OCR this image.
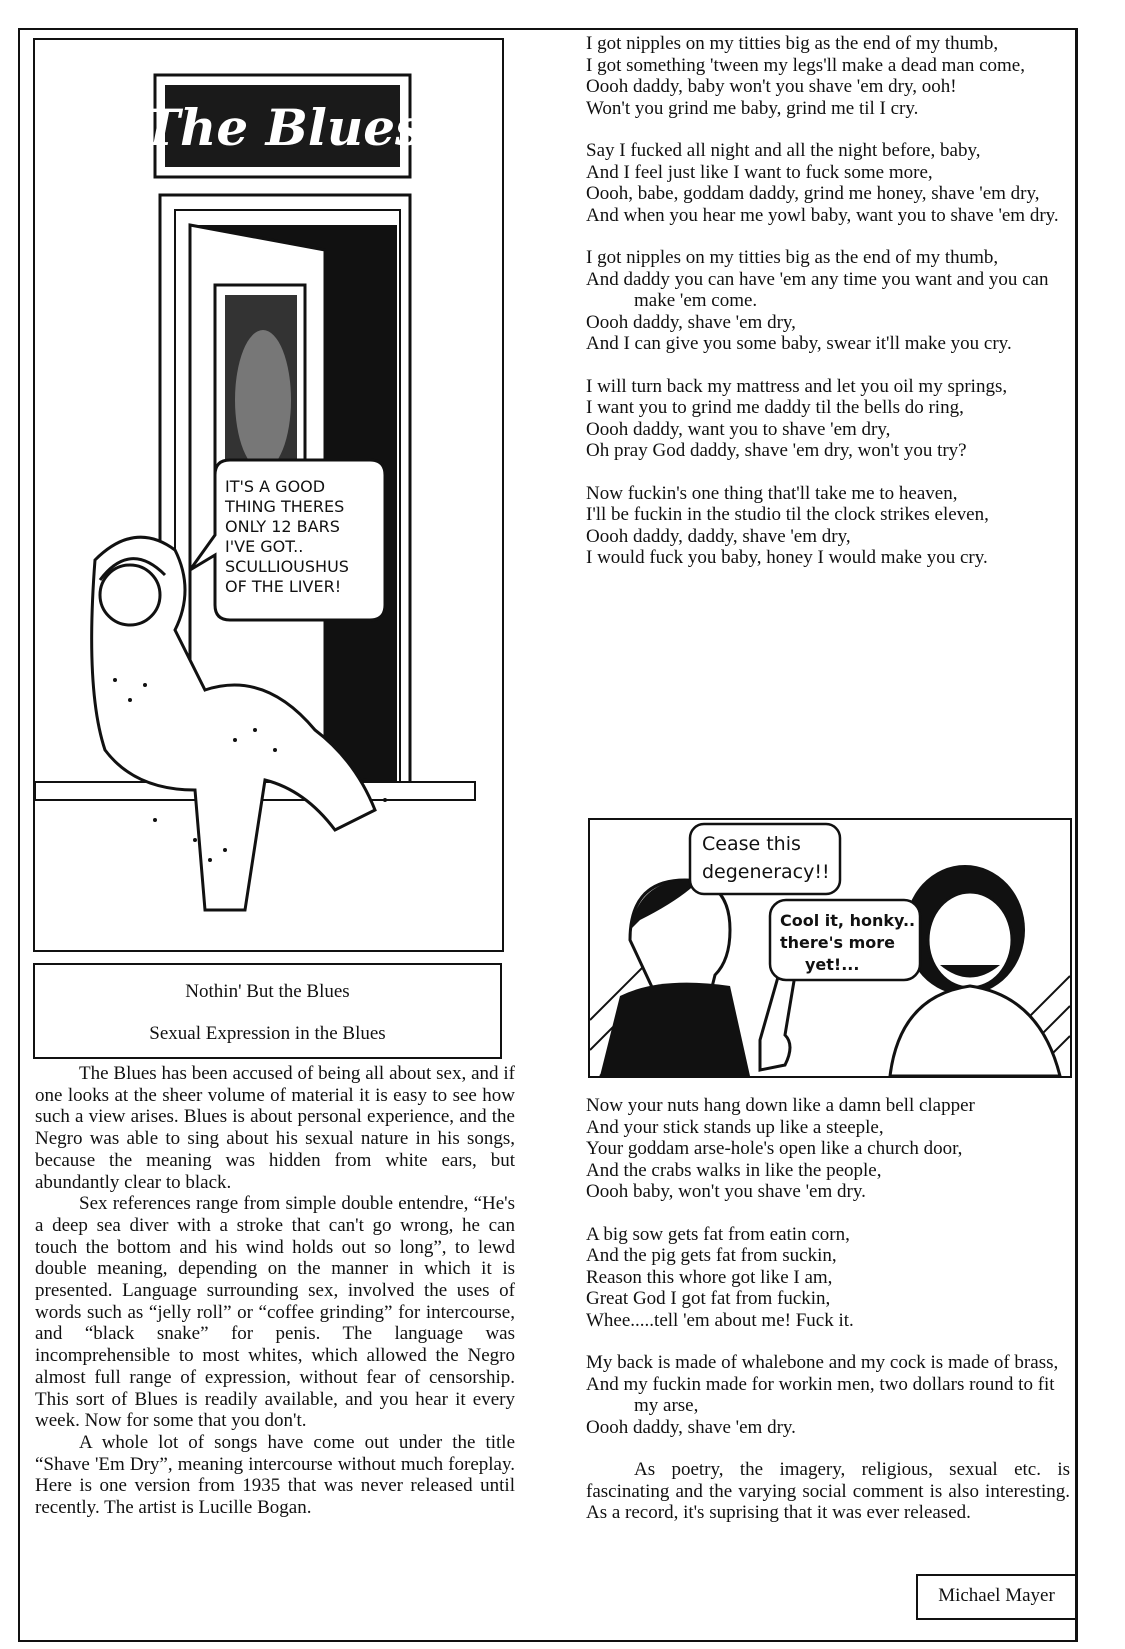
The Blues
IT'S A GOOD
THING THERES
ONLY 12 BARS
I'VE GOT..
SCULLIOUSHUS
OF THE LIVER!
Nothin' But the Blues
Sexual Expression in the Blues

The Blues has been accused of being all about sex, and if one looks at the sheer volume of material it is easy to see how such a view arises. Blues is about personal experience, and the Negro was able to sing about his sexual nature in his songs, because the meaning was hidden from white ears, but abundantly clear to black.

Sex references range from simple double entendre, “He's a deep sea diver with a stroke that can't go wrong, he can touch the bottom and his wind holds out so long”, to lewd double meaning, depending on the manner in which it is presented. Language surrounding sex, involved the uses of words such as “jelly roll” or “coffee grinding” for intercourse, and “black snake” for penis. The language was incomprehensible to most whites, which allowed the Negro almost full range of expression, without fear of censorship. This sort of Blues is readily available, and you hear it every week. Now for some that you don't.

A whole lot of songs have come out under the title “Shave 'Em Dry”, meaning intercourse without much foreplay. Here is one version from 1935 that was never released until recently. The artist is Lucille Bogan.

I got nipples on my titties big as the end of my thumb,
I got something 'tween my legs'll make a dead man come,
Oooh daddy, baby won't you shave 'em dry, ooh!
Won't you grind me baby, grind me til I cry.
Say I fucked all night and all the night before, baby,
And I feel just like I want to fuck some more,
Oooh, babe, goddam daddy, grind me honey, shave 'em dry,
And when you hear me yowl baby, want you to shave 'em dry.
I got nipples on my titties big as the end of my thumb,
And daddy you can have 'em any time you want and you can make 'em come.
Oooh daddy, shave 'em dry,
And I can give you some baby, swear it'll make you cry.
I will turn back my mattress and let you oil my springs,
I want you to grind me daddy til the bells do ring,
Oooh daddy, want you to shave 'em dry,
Oh pray God daddy, shave 'em dry, won't you try?
Now fuckin's one thing that'll take me to heaven,
I'll be fuckin in the studio til the clock strikes eleven,
Oooh daddy, daddy, shave 'em dry,
I would fuck you baby, honey I would make you cry.
Cease this
degeneracy!!
Cool it, honky..
there's more
yet!...
Now your nuts hang down like a damn bell clapper
And your stick stands up like a steeple,
Your goddam arse-hole's open like a church door,
And the crabs walks in like the people,
Oooh baby, won't you shave 'em dry.
A big sow gets fat from eatin corn,
And the pig gets fat from suckin,
Reason this whore got like I am,
Great God I got fat from fuckin,
Whee.....tell 'em about me! Fuck it.
My back is made of whalebone and my cock is made of brass,
And my fuckin made for workin men, two dollars round to fit my arse,
Oooh daddy, shave 'em dry.

As poetry, the imagery, religious, sexual etc. is fascinating and the varying social comment is also interesting. As a record, it's suprising that it was ever released.

Michael Mayer
